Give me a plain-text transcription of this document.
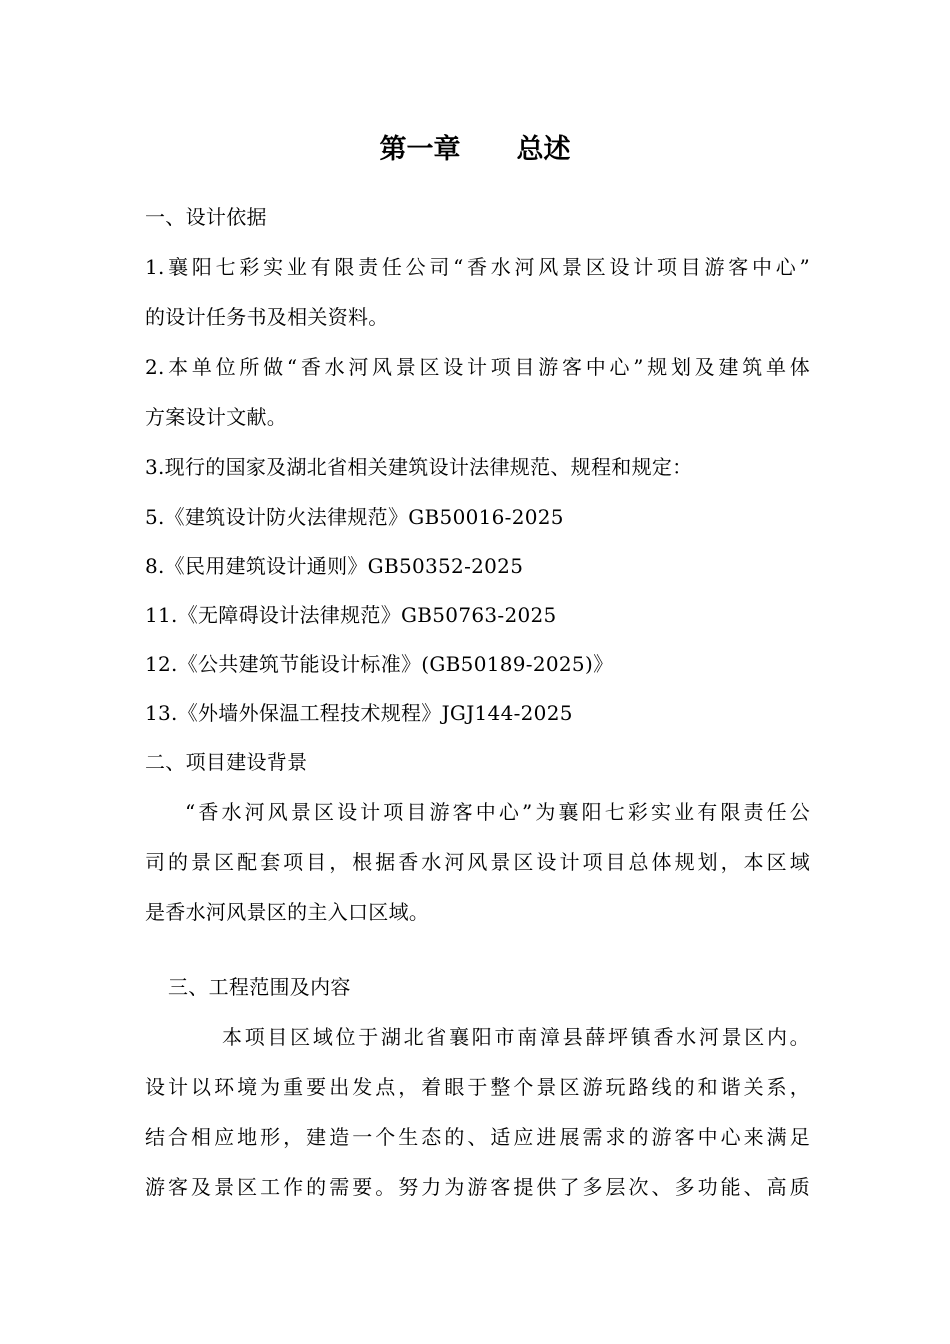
第一章 总述
一、设计依据
1.襄阳七彩实业有限责任公司“香水河风景区设计项目游客中心”
的设计任务书及相关资料。
2.本单位所做“香水河风景区设计项目游客中心”规划及建筑单体
方案设计文献。
3.现行的国家及湖北省相关建筑设计法律规范、规程和规定：
5.《建筑设计防火法律规范》GB50016-2025
8.《民用建筑设计通则》GB50352-2025
11.《无障碍设计法律规范》GB50763-2025
12.《公共建筑节能设计标准》(GB50189-2025)》
13.《外墙外保温工程技术规程》JGJ144-2025
二、项目建设背景
“香水河风景区设计项目游客中心”为襄阳七彩实业有限责任公
司的景区配套项目，根据香水河风景区设计项目总体规划，本区域
是香水河风景区的主入口区域。
三、工程范围及内容
本项目区域位于湖北省襄阳市南漳县薛坪镇香水河景区内。
设计以环境为重要出发点，着眼于整个景区游玩路线的和谐关系，
结合相应地形，建造一个生态的、适应进展需求的游客中心来满足
游客及景区工作的需要。努力为游客提供了多层次、多功能、高质
